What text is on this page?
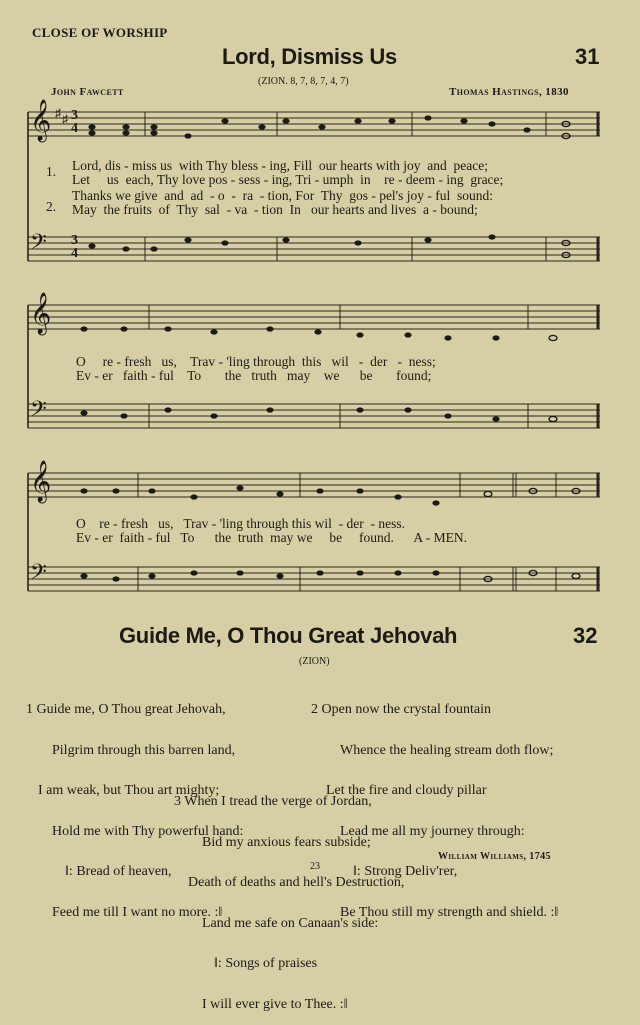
CLOSE OF WORSHIP
Lord, Dismiss Us	31
(ZION. 8, 7, 8, 7, 4, 7)
John Fawcett	Thomas Hastings, 1830
𝄞 ♯ ♯ 3
4
𝄢 3
4
𝄞
𝄢
𝄞
𝄢
1.
2.
Lord, dis - miss us  with Thy bless - ing, Fill  our hearts with joy  and  peace;
Let     us  each, Thy love pos - sess - ing, Tri - umph  in    re - deem - ing  grace;
Thanks we give  and  ad  - o  -  ra  - tion, For  Thy  gos - pel's joy - ful  sound:
May  the fruits  of  Thy  sal  - va  - tion  In   our hearts and lives  a - bound;
O     re - fresh   us,    Trav - 'ling through  this   wil   -  der   -  ness;
Ev - er   faith - ful    To       the   truth   may    we      be       found;
O    re - fresh   us,   Trav - 'ling through this wil  - der  - ness.
Ev - er  faith - ful   To      the  truth  may we     be     found.      A - MEN.
Guide Me, O Thou Great Jehovah	32
(ZION)

1 Guide me, O Thou great Jehovah,

Pilgrim through this barren land,

I am weak, but Thou art mighty;

Hold me with Thy powerful hand:

‖: Bread of heaven,

Feed me till I want no more. :‖

2 Open now the crystal fountain

Whence the healing stream doth flow;

Let the fire and cloudy pillar

Lead me all my journey through:

‖: Strong Deliv'rer,

Be Thou still my strength and shield. :‖

3 When I tread the verge of Jordan,

Bid my anxious fears subside;

Death of deaths and hell's Destruction,

Land me safe on Canaan's side:

‖: Songs of praises

I will ever give to Thee. :‖

William Williams, 1745
23
